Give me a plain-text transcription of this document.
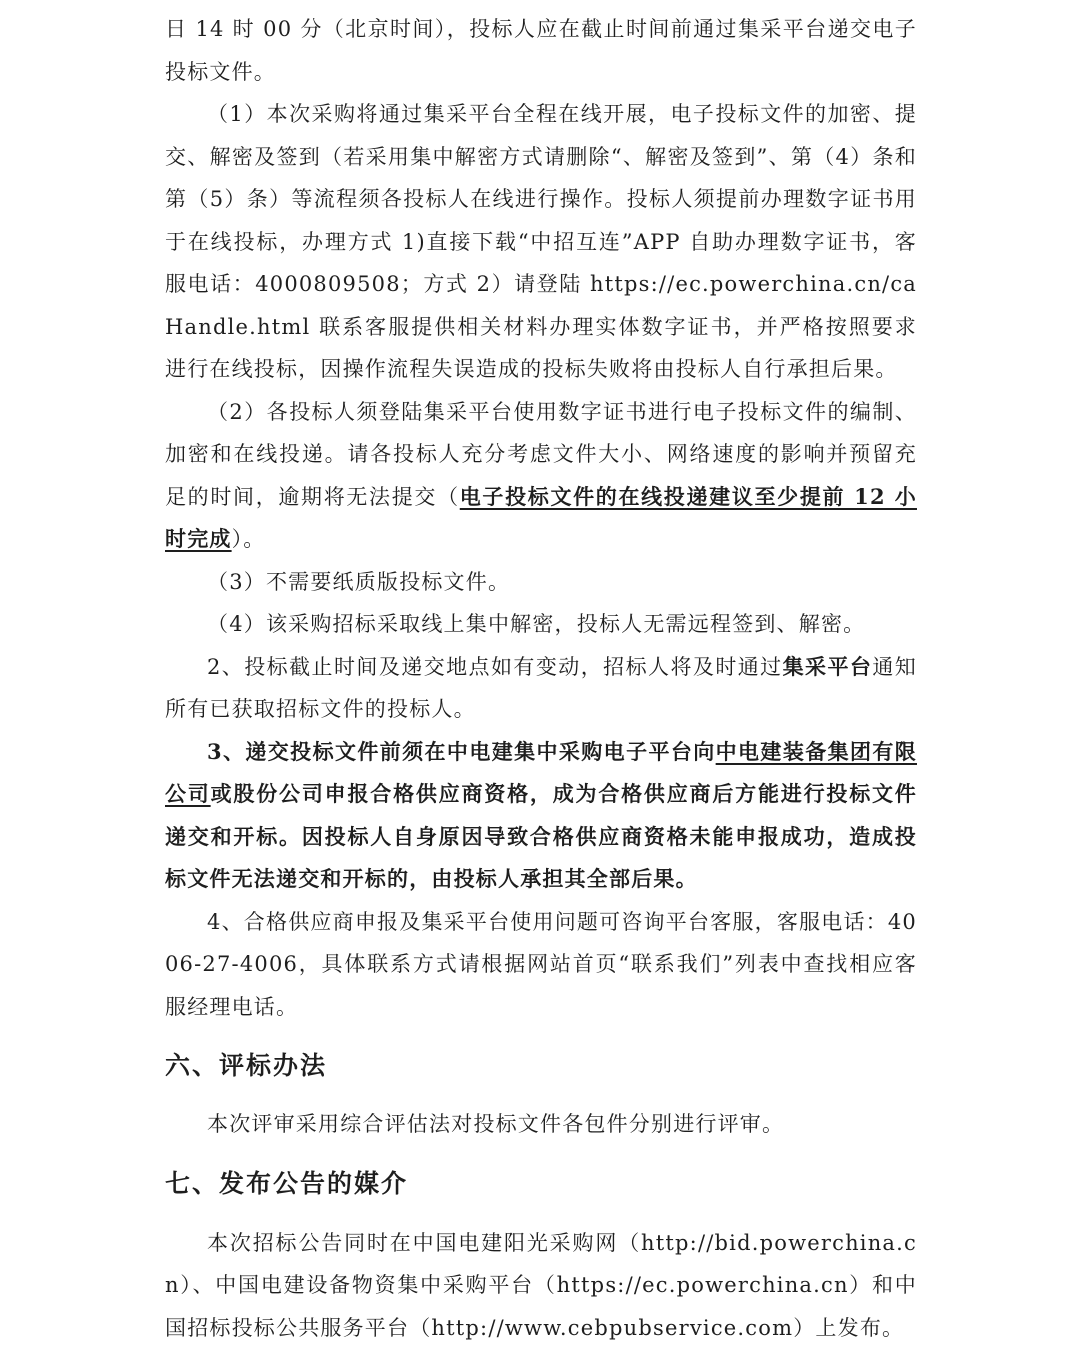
日 14 时 00 分（北京时间），投标人应在截止时间前通过集采平台递交电子投标文件。

（1）本次采购将通过集采平台全程在线开展，电子投标文件的加密、提交、解密及签到（若采用集中解密方式请删除“、解密及签到”、第（4）条和第（5）条）等流程须各投标人在线进行操作。投标人须提前办理数字证书用于在线投标，办理方式 1)直接下载“中招互连”APP 自助办理数字证书，客服电话：4000809508；方式 2）请登陆 https://ec.powerchina.cn/caHandle.html 联系客服提供相关材料办理实体数字证书，并严格按照要求进行在线投标，因操作流程失误造成的投标失败将由投标人自行承担后果。

（2）各投标人须登陆集采平台使用数字证书进行电子投标文件的编制、加密和在线投递。请各投标人充分考虑文件大小、网络速度的影响并预留充足的时间，逾期将无法提交（电子投标文件的在线投递建议至少提前 12 小时完成）。

（3）不需要纸质版投标文件。

（4）该采购招标采取线上集中解密，投标人无需远程签到、解密。

2、投标截止时间及递交地点如有变动，招标人将及时通过集采平台通知所有已获取招标文件的投标人。

3、递交投标文件前须在中电建集中采购电子平台向中电建装备集团有限公司或股份公司申报合格供应商资格，成为合格供应商后方能进行投标文件递交和开标。因投标人自身原因导致合格供应商资格未能申报成功，造成投标文件无法递交和开标的，由投标人承担其全部后果。

4、合格供应商申报及集采平台使用问题可咨询平台客服，客服电话：4006-27-4006，具体联系方式请根据网站首页“联系我们”列表中查找相应客服经理电话。

六、评标办法

本次评审采用综合评估法对投标文件各包件分别进行评审。

七、发布公告的媒介

本次招标公告同时在中国电建阳光采购网（http://bid.powerchina.cn）、中国电建设备物资集中采购平台（https://ec.powerchina.cn）和中国招标投标公共服务平台（http://www.cebpubservice.com）上发布。
